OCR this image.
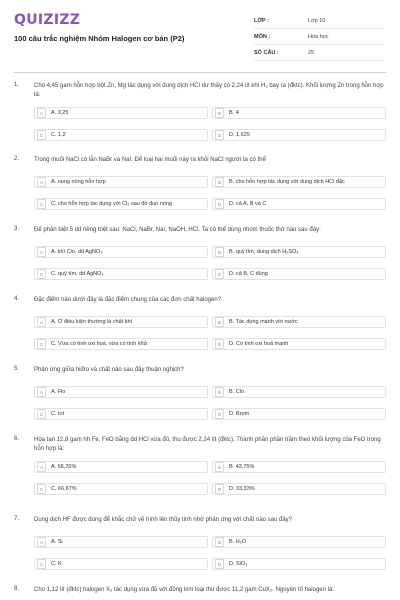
QUIZIZZ
100 câu trắc nghiệm Nhóm Halogen cơ bản (P2)
LỚP :	Lớp 10
MÔN :	Hóa học
SỐ CÂU :	25
1. Cho 4,45 gam hỗn hợp bột Zn, Mg tác dụng với dung dịch HCl dư thấy có 2,24 lít khí H₂ bay ra (đktc). Khối lượng Zn trong hỗn hợp là:
A	A. 3,25	B	B. 4
C	C. 1,2	D	D. 1,625
2. Trong muối NaCl có lẫn NaBr và NaI. Để loại hai muối này ra khỏi NaCl người ta có thể
A	A. nung nóng hỗn hợp	B	B. cho hỗn hợp tác dụng với dung dịch HCl đặc
C	C. cho hỗn hợp tác dụng với Cl₂ sau đó đun nóng	D	D. cả A, B và C
3. Để phân biệt 5 dd riêng biệt sau: NaCl, NaBr, NaI, NaOH, HCl. Ta có thể dùng nhóm thuốc thử nào sau đây:
A	A. khí Clo, dd AgNO₃	B	B. quỳ tím, dung dịch H₂SO₄
C	C. quỳ tím, dd AgNO₃	D	D. cả B, C đúng
4. Đặc điểm nào dưới đây là đặc điểm chung của các đơn chất halogen?
A	A. Ở điều kiện thường là chất khí	B	B. Tác dụng mạnh với nước
C	C. Vừa có tính oxi hoá, vừa có tính khử	D	D. Có tính oxi hoá mạnh
5. Phản ứng giữa hiđro và chất nào sau đây thuận nghịch?
A	A. Flo	B	B. Clo
C	C. Iot	D	D. Brom
6. Hòa tan 12,8 gam hh Fe, FeO bằng dd HCl vừa đủ, thu được 2,24 lít (đktc). Thành phần phần trăm theo khối lượng của FeO trong hỗn hợp là:
A	A. 56,25%	B	B. 43,75%
C	C. 66,67%	D	D. 33,33%
7. Dung dịch HF được dùng để khắc chữ vẽ hình lên thủy tinh nhờ phản ứng với chất nào sau đây?
A	A. Si	B	B. H₂O
C	C. K	D	D. SiO₂
8. Cho 1,12 lít (đktc) halogen X₂ tác dụng vừa đủ với đồng kim loại thu được 11,2 gam CuX₂. Nguyên tố halogen là:
